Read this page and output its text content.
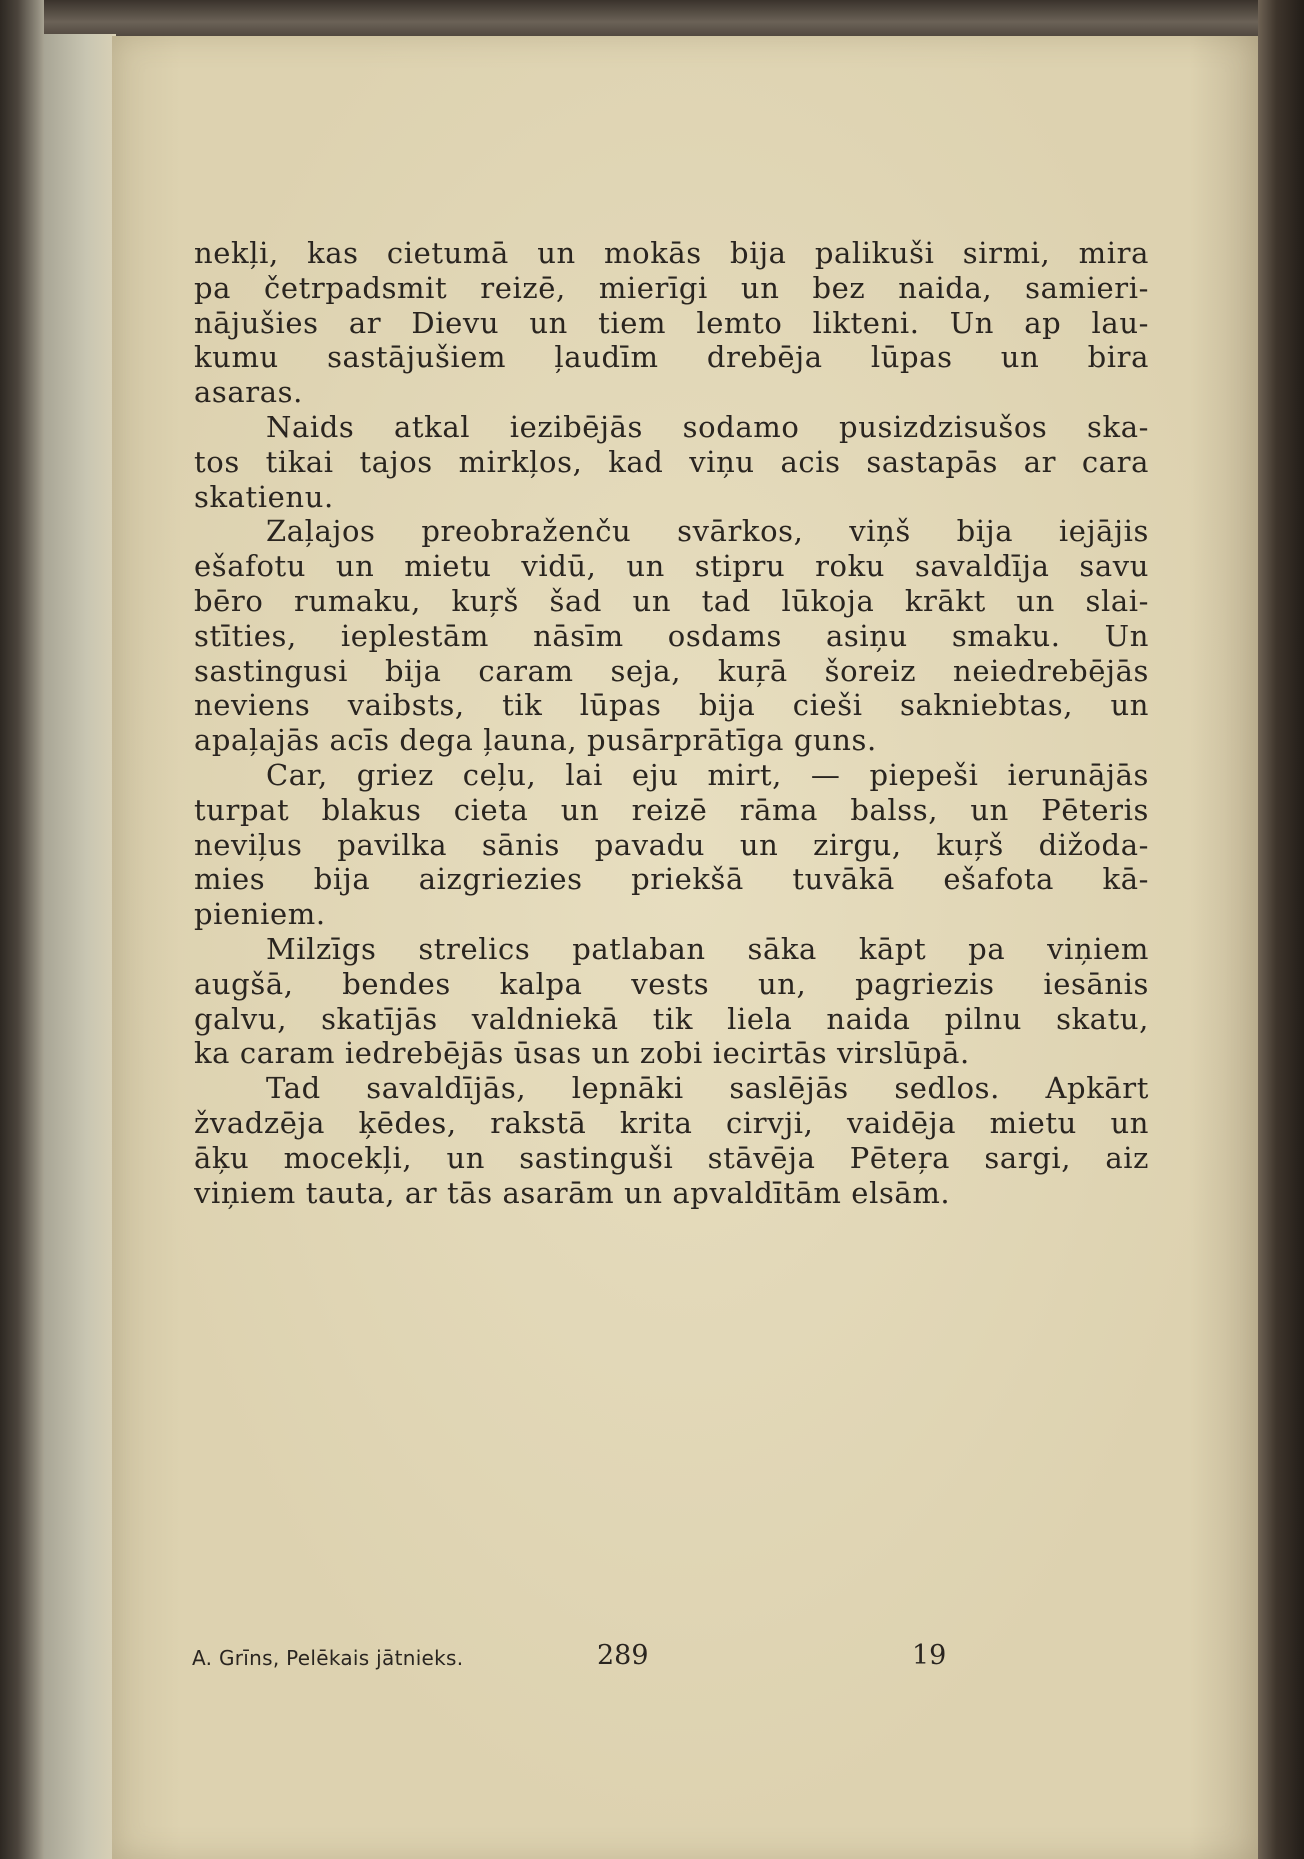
nekļi, kas cietumā un mokās bija palikuši sirmi, mira
pa četrpadsmit reizē, mierīgi un bez naida, samieri-
nājušies ar Dievu un tiem lemto likteni. Un ap lau-
kumu sastājušiem ļaudīm drebēja lūpas un bira
asaras.
Naids atkal iezibējās sodamo pusizdzisušos ska-
tos tikai tajos mirkļos, kad viņu acis sastapās ar cara
skatienu.
Zaļajos preobraženču svārkos, viņš bija iejājis
ešafotu un mietu vidū, un stipru roku savaldīja savu
bēro rumaku, kuŗš šad un tad lūkoja krākt un slai-
stīties, ieplestām nāsīm osdams asiņu smaku. Un
sastingusi bija caram seja, kuŗā šoreiz neiedrebējās
neviens vaibsts, tik lūpas bija cieši sakniebtas, un
apaļajās acīs dega ļauna, pusārprātīga guns.
Car, griez ceļu, lai eju mirt, — piepeši ierunājās
turpat blakus cieta un reizē rāma balss, un Pēteris
neviļus pavilka sānis pavadu un zirgu, kuŗš dižoda-
mies bija aizgriezies priekšā tuvākā ešafota kā-
pieniem.
Milzīgs strelics patlaban sāka kāpt pa viņiem
augšā, bendes kalpa vests un, pagriezis iesānis
galvu, skatījās valdniekā tik liela naida pilnu skatu,
ka caram iedrebējās ūsas un zobi iecirtās virslūpā.
Tad savaldījās, lepnāki saslējās sedlos. Apkārt
žvadzēja ķēdes, rakstā krita cirvji, vaidēja mietu un
āķu mocekļi, un sastinguši stāvēja Pēteŗa sargi, aiz
viņiem tauta, ar tās asarām un apvaldītām elsām.
A. Grīns, Pelēkais jātnieks.	289	19
